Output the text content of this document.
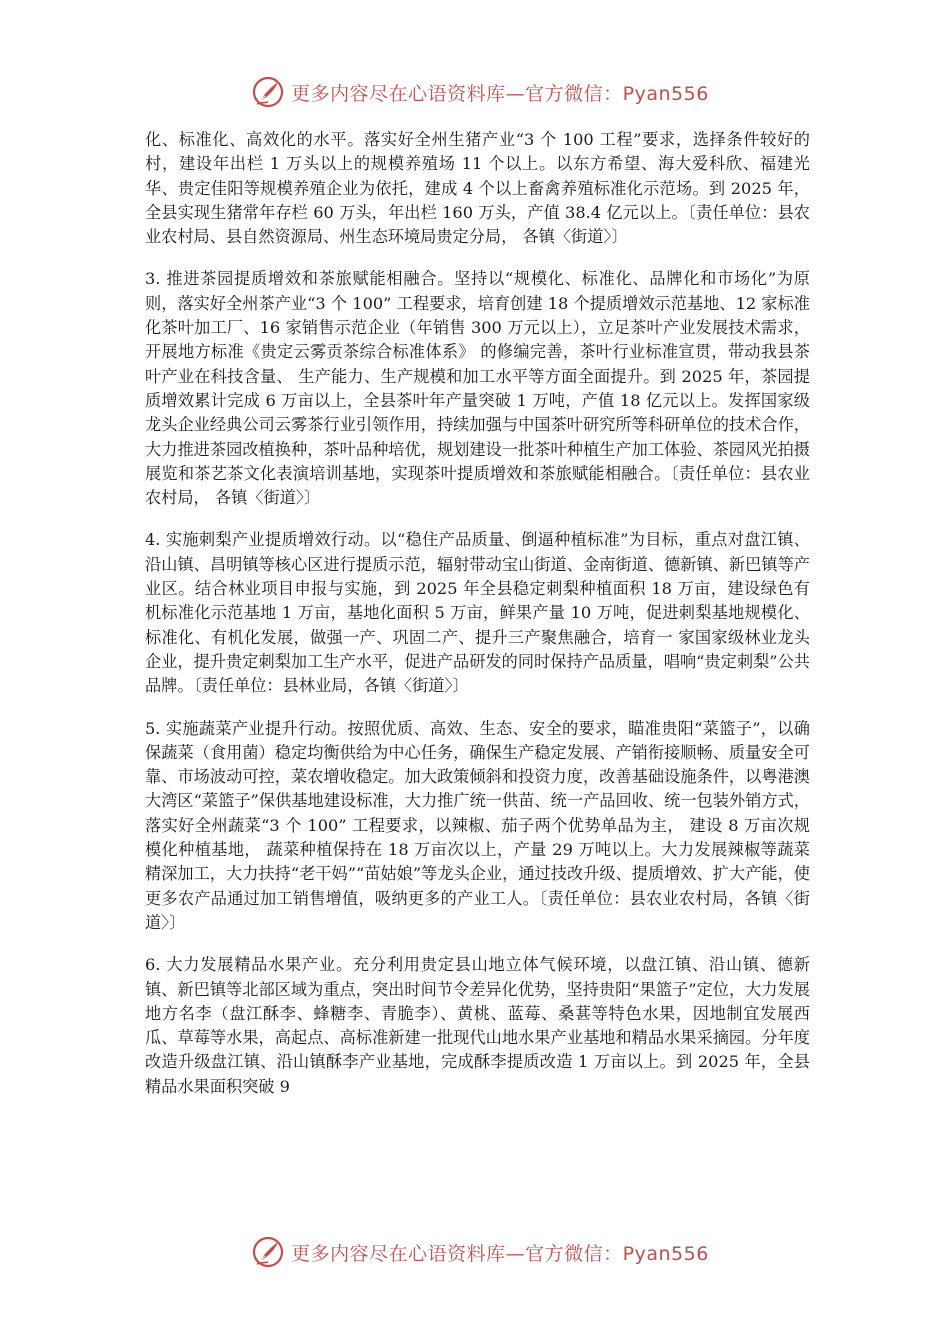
更多内容尽在心语资料库—官方微信：Pyan556

化、标准化、高效化的水平。落实好全州生猪产业“3 个 100 工程”要求，选择条件较好的村，建设年出栏 1 万头以上的规模养殖场 11 个以上。以东方希望、海大爱科欣、福建光华、贵定佳阳等规模养殖企业为依托，建成 4 个以上畜禽养殖标准化示范场。到 2025 年，全县实现生猪常年存栏 60 万头，年出栏 160 万头，产值 38.4 亿元以上。〔责任单位：县农业农村局、县自然资源局、州生态环境局贵定分局， 各镇〈街道〉〕

3. 推进茶园提质增效和茶旅赋能相融合。坚持以“规模化、标准化、品牌化和市场化”为原则，落实好全州茶产业“3 个 100” 工程要求，培育创建 18 个提质增效示范基地、12 家标准化茶叶加工厂、16 家销售示范企业（年销售 300 万元以上），立足茶叶产业发展技术需求，开展地方标准《贵定云雾贡茶综合标准体系》 的修编完善，茶叶行业标准宣贯，带动我县茶叶产业在科技含量、 生产能力、生产规模和加工水平等方面全面提升。到 2025 年，茶园提质增效累计完成 6 万亩以上，全县茶叶年产量突破 1 万吨，产值 18 亿元以上。发挥国家级龙头企业经典公司云雾茶行业引领作用，持续加强与中国茶叶研究所等科研单位的技术合作，大力推进茶园改植换种，茶叶品种培优，规划建设一批茶叶种植生产加工体验、茶园风光拍摄展览和茶艺茶文化表演培训基地，实现茶叶提质增效和茶旅赋能相融合。〔责任单位：县农业农村局， 各镇〈街道〉〕

4. 实施刺梨产业提质增效行动。以“稳住产品质量、倒逼种植标准”为目标，重点对盘江镇、沿山镇、昌明镇等核心区进行提质示范，辐射带动宝山街道、金南街道、德新镇、新巴镇等产 业区。结合林业项目申报与实施，到 2025 年全县稳定刺梨种植面积 18 万亩，建设绿色有机标准化示范基地 1 万亩，基地化面积 5 万亩，鲜果产量 10 万吨，促进刺梨基地规模化、标准化、有机化发展，做强一产、巩固二产、提升三产聚焦融合，培育一 家国家级林业龙头企业，提升贵定刺梨加工生产水平，促进产品研发的同时保持产品质量，唱响“贵定刺梨”公共品牌。〔责任单位：县林业局，各镇〈街道〉〕

5. 实施蔬菜产业提升行动。按照优质、高效、生态、安全的要求，瞄准贵阳“菜篮子”，以确保蔬菜（食用菌）稳定均衡供给为中心任务，确保生产稳定发展、产销衔接顺畅、质量安全可靠、市场波动可控，菜农增收稳定。加大政策倾斜和投资力度，改善基础设施条件，以粤港澳大湾区“菜篮子”保供基地建设标准，大力推广统一供苗、统一产品回收、统一包装外销方式，落实好全州蔬菜“3 个 100” 工程要求，以辣椒、茄子两个优势单品为主， 建设 8 万亩次规模化种植基地， 蔬菜种植保持在 18 万亩次以上，产量 29 万吨以上。大力发展辣椒等蔬菜精深加工，大力扶持“老干妈”“苗姑娘”等龙头企业，通过技改升级、提质增效、扩大产能，使更多农产品通过加工销售增值，吸纳更多的产业工人。〔责任单位：县农业农村局，各镇〈街道〉〕

6. 大力发展精品水果产业。充分利用贵定县山地立体气候环境，以盘江镇、沿山镇、德新镇、新巴镇等北部区域为重点，突出时间节令差异化优势，坚持贵阳“果篮子”定位，大力发展地方名李（盘江酥李、蜂糖李、青脆李）、黄桃、蓝莓、桑葚等特色水果，因地制宜发展西瓜、草莓等水果，高起点、高标准新建一批现代山地水果产业基地和精品水果采摘园。分年度改造升级盘江镇、沿山镇酥李产业基地，完成酥李提质改造 1 万亩以上。到 2025 年，全县精品水果面积突破 9

更多内容尽在心语资料库—官方微信：Pyan556
